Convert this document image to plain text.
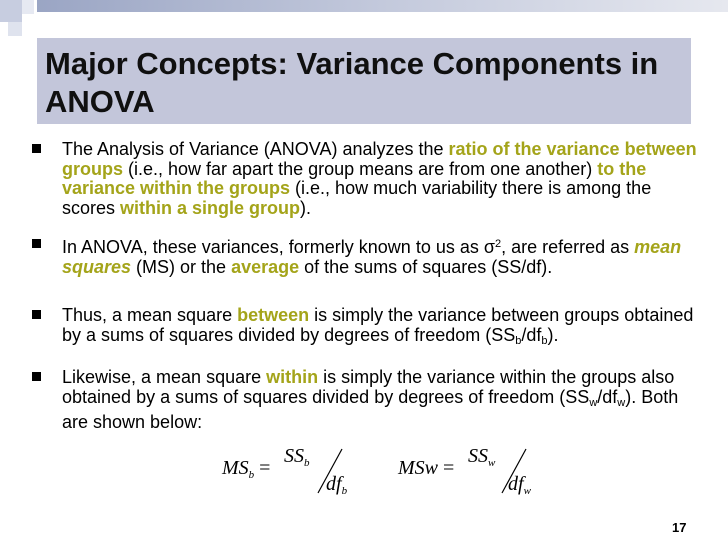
Major Concepts: Variance Components in ANOVA
The Analysis of Variance (ANOVA) analyzes the ratio of the variance between groups (i.e., how far apart the group means are from one another) to the variance within the groups (i.e., how much variability there is among the scores within a single group).
In ANOVA, these variances, formerly known to us as $\sigma^2$, are referred as mean squares (MS) or the average of the sums of squares (SS/df).
Thus, a mean square between is simply the variance between groups obtained by a sums of squares divided by degrees of freedom $(SS_b/df_b)$.
Likewise, a mean square within is simply the variance within the groups also obtained by a sums of squares divided by degrees of freedom $(SS_w/df_w)$. Both are shown below:
$MS_b$ =
$SS_b$
$df_b$
MSw =
$SS_w$
$df_w$
17
